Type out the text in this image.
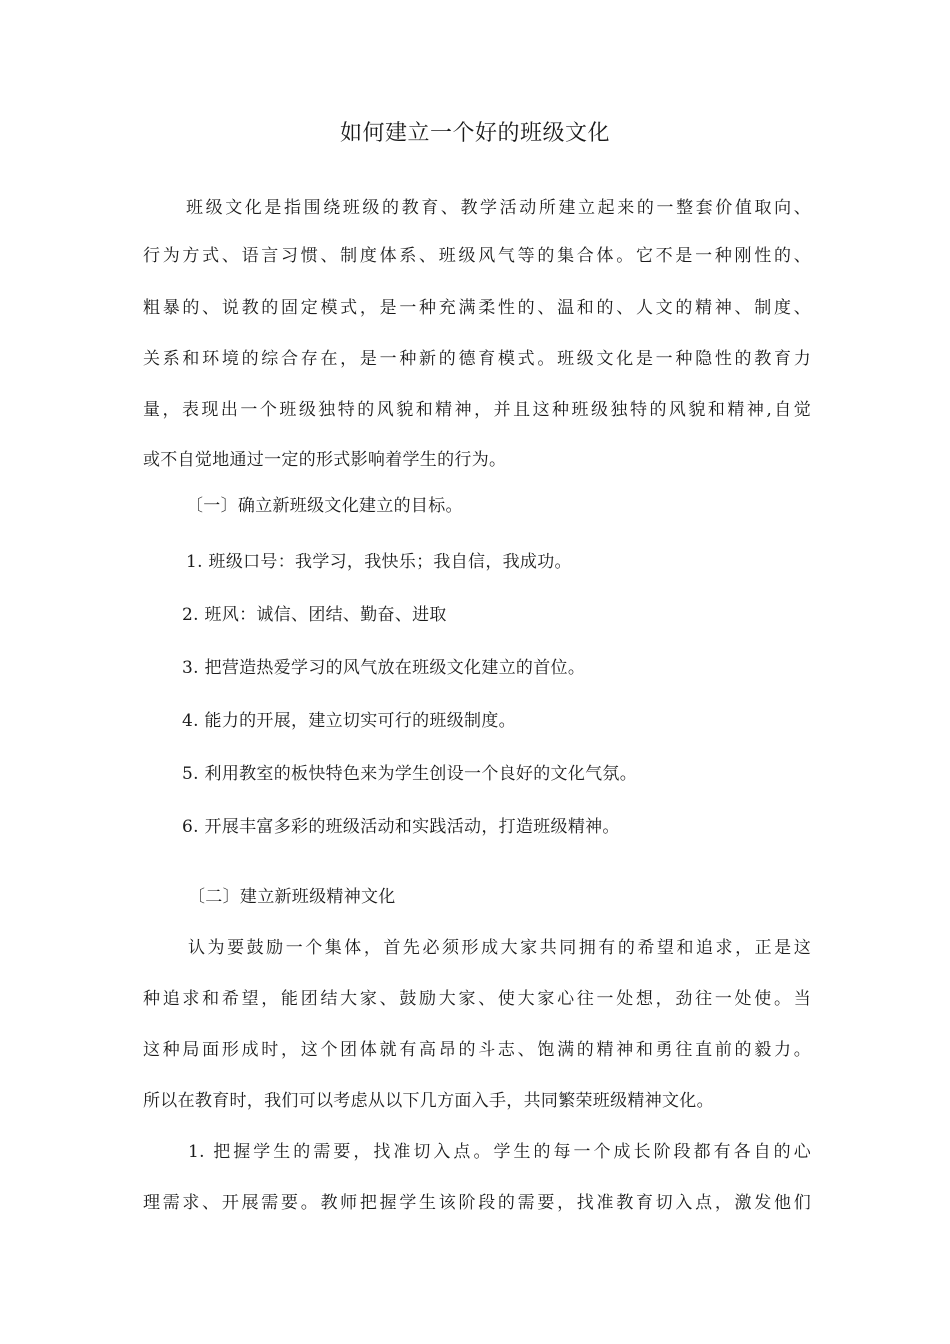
如何建立一个好的班级文化
班级文化是指围绕班级的教育、教学活动所建立起来的一整套价值取向、
行为方式、语言习惯、制度体系、班级风气等的集合体。它不是一种刚性的、
粗暴的、说教的固定模式，是一种充满柔性的、温和的、人文的精神、制度、
关系和环境的综合存在，是一种新的德育模式。班级文化是一种隐性的教育力
量，表现出一个班级独特的风貌和精神，并且这种班级独特的风貌和精神,自觉
或不自觉地通过一定的形式影响着学生的行为。
〔一〕确立新班级文化建立的目标。
1. 班级口号：我学习，我快乐；我自信，我成功。
2. 班风：诚信、团结、勤奋、进取
3. 把营造热爱学习的风气放在班级文化建立的首位。
4. 能力的开展，建立切实可行的班级制度。
5. 利用教室的板快特色来为学生创设一个良好的文化气氛。
6. 开展丰富多彩的班级活动和实践活动，打造班级精神。
〔二〕建立新班级精神文化
认为要鼓励一个集体，首先必须形成大家共同拥有的希望和追求，正是这
种追求和希望，能团结大家、鼓励大家、使大家心往一处想，劲往一处使。当
这种局面形成时，这个团体就有高昂的斗志、饱满的精神和勇往直前的毅力。
所以在教育时，我们可以考虑从以下几方面入手，共同繁荣班级精神文化。
1. 把握学生的需要，找准切入点。学生的每一个成长阶段都有各自的心
理需求、开展需要。教师把握学生该阶段的需要，找准教育切入点，激发他们
